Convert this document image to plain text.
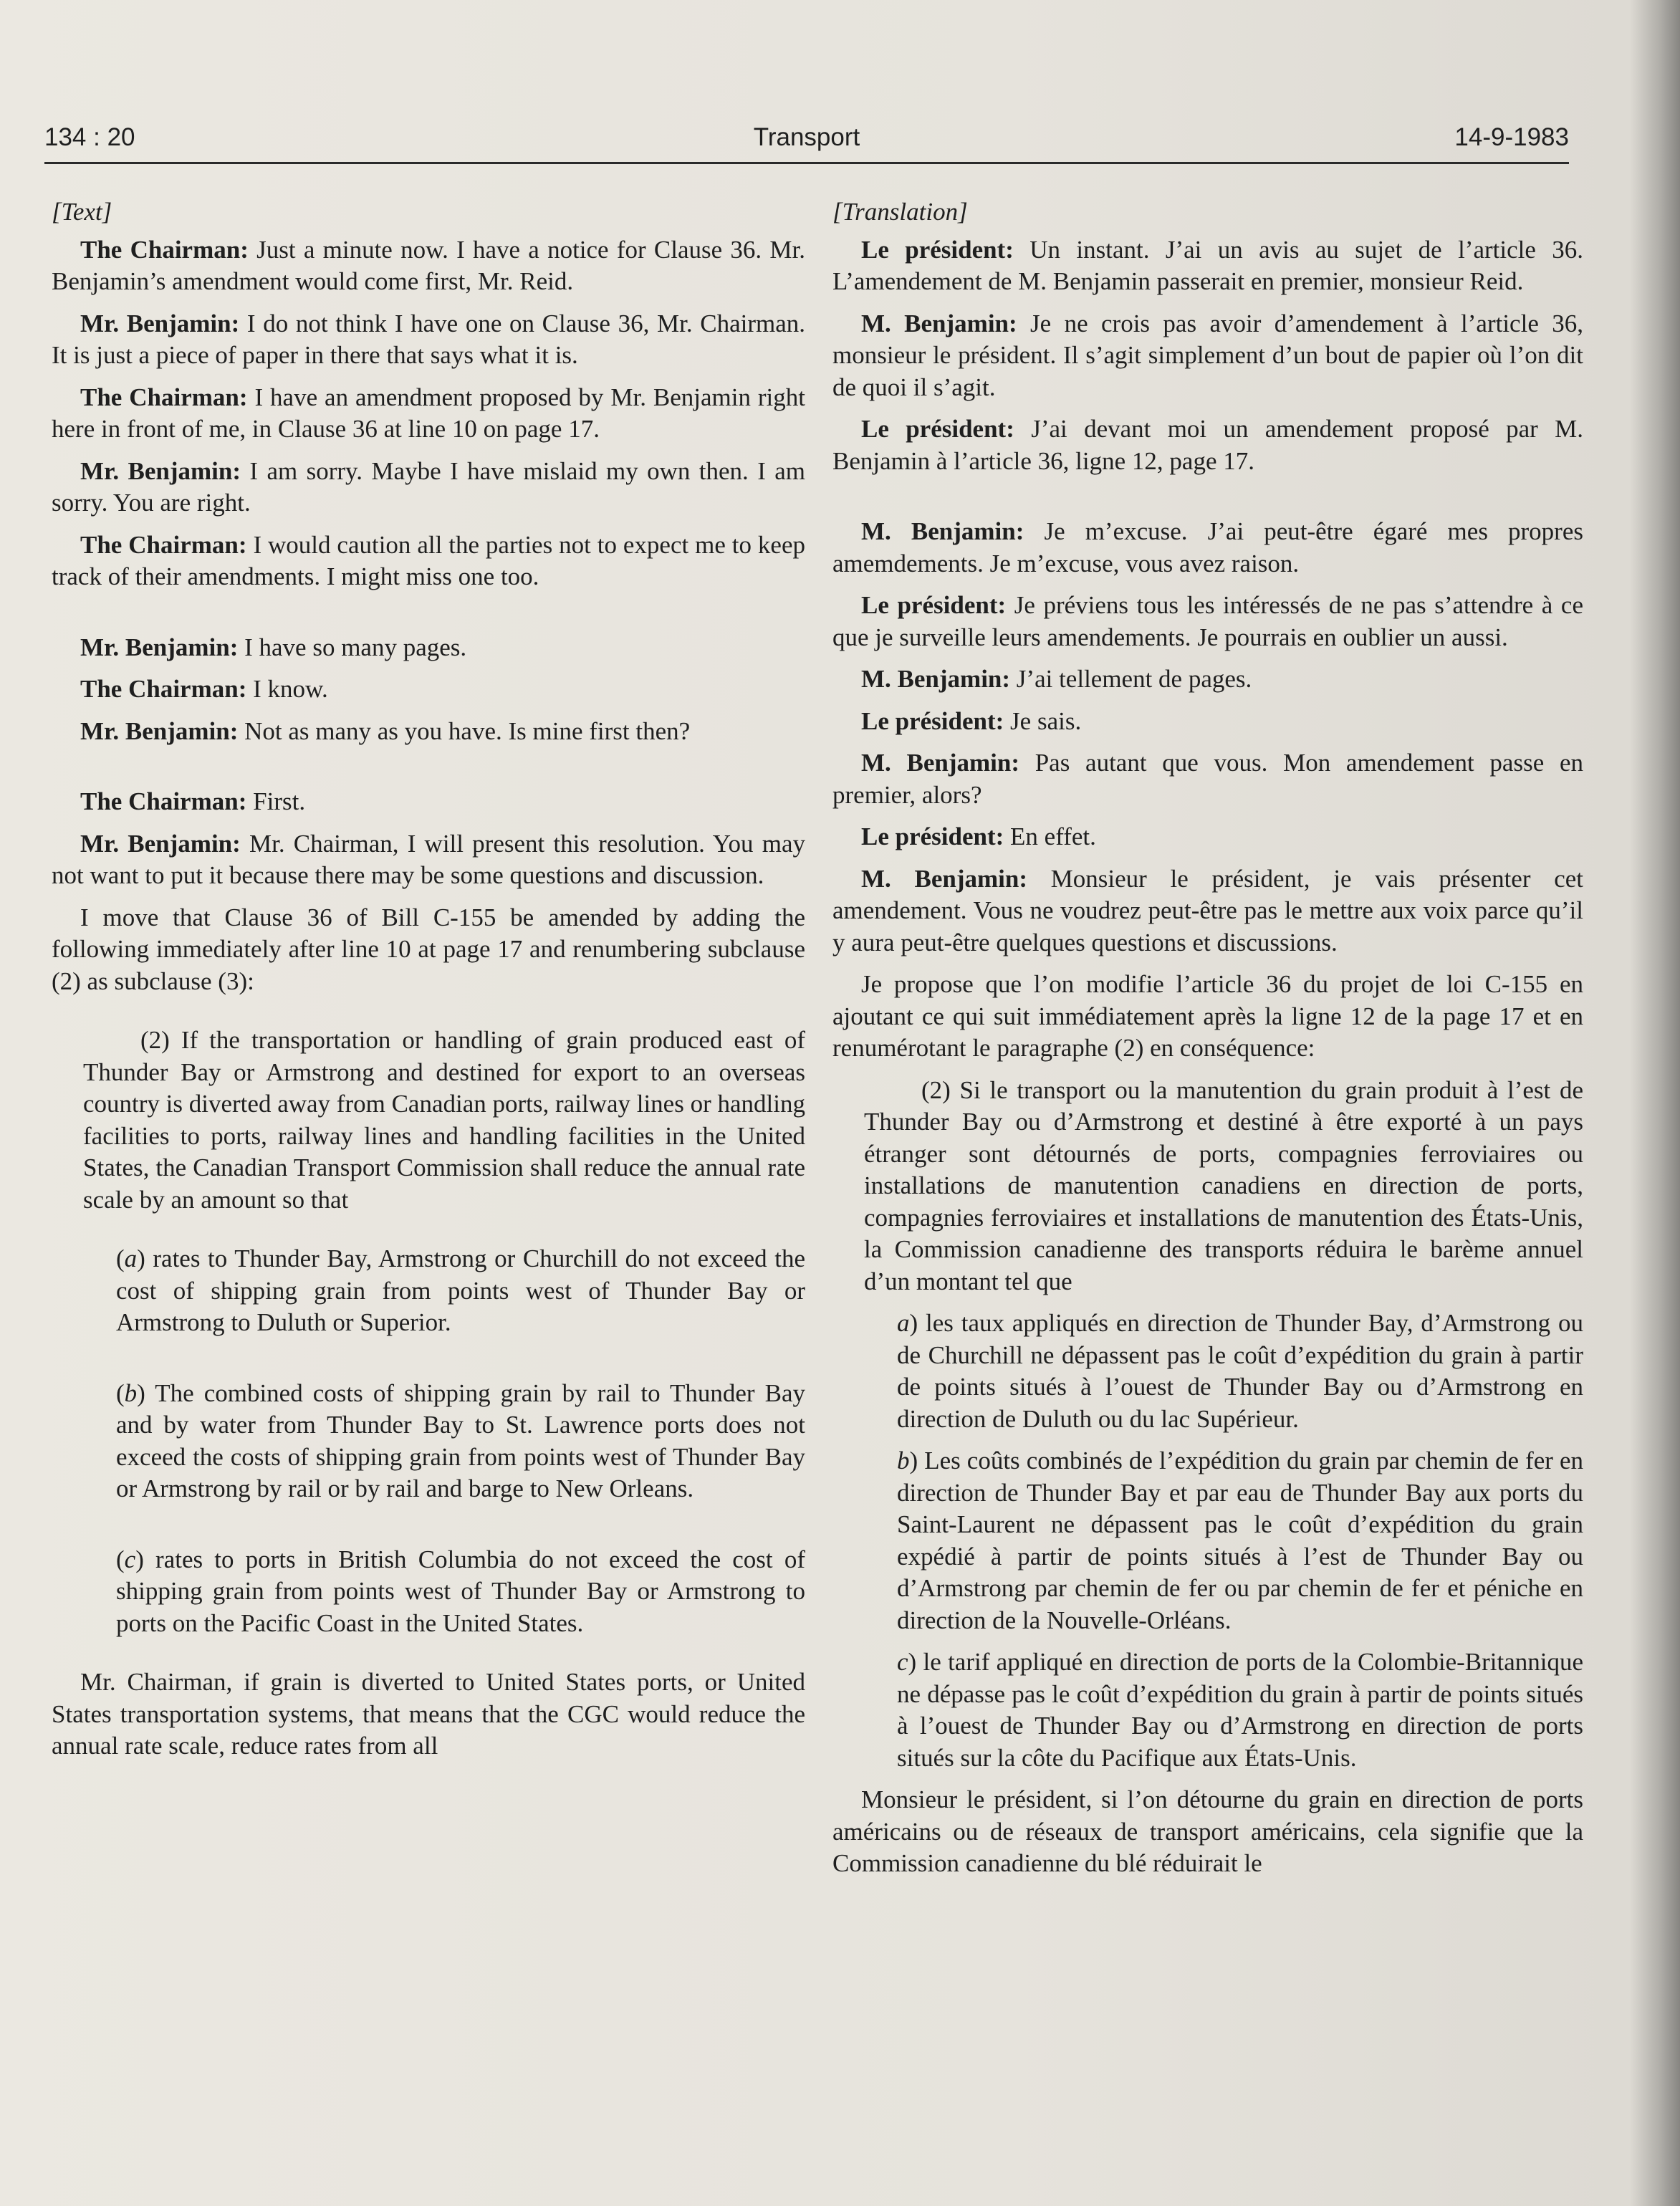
134 : 20	Transport	14-9-1983
[Text]

The Chairman: Just a minute now. I have a notice for Clause 36. Mr. Benjamin’s amendment would come first, Mr. Reid.

Mr. Benjamin: I do not think I have one on Clause 36, Mr. Chairman. It is just a piece of paper in there that says what it is.

The Chairman: I have an amendment proposed by Mr. Benjamin right here in front of me, in Clause 36 at line 10 on page 17.

Mr. Benjamin: I am sorry. Maybe I have mislaid my own then. I am sorry. You are right.

The Chairman: I would caution all the parties not to expect me to keep track of their amendments. I might miss one too.

Mr. Benjamin: I have so many pages.

The Chairman: I know.

Mr. Benjamin: Not as many as you have. Is mine first then?

The Chairman: First.

Mr. Benjamin: Mr. Chairman, I will present this resolution. You may not want to put it because there may be some questions and discussion.

I move that Clause 36 of Bill C-155 be amended by adding the following immediately after line 10 at page 17 and renumbering subclause (2) as subclause (3):

(2) If the transportation or handling of grain produced east of Thunder Bay or Armstrong and destined for export to an overseas country is diverted away from Canadian ports, railway lines or handling facilities to ports, railway lines and handling facilities in the United States, the Canadian Transport Commission shall reduce the annual rate scale by an amount so that

(a) rates to Thunder Bay, Armstrong or Churchill do not exceed the cost of shipping grain from points west of Thunder Bay or Armstrong to Duluth or Superior.

(b) The combined costs of shipping grain by rail to Thunder Bay and by water from Thunder Bay to St. Lawrence ports does not exceed the costs of shipping grain from points west of Thunder Bay or Armstrong by rail or by rail and barge to New Orleans.

(c) rates to ports in British Columbia do not exceed the cost of shipping grain from points west of Thunder Bay or Armstrong to ports on the Pacific Coast in the United States.

Mr. Chairman, if grain is diverted to United States ports, or United States transportation systems, that means that the CGC would reduce the annual rate scale, reduce rates from all

[Translation]

Le président: Un instant. J’ai un avis au sujet de l’article 36. L’amendement de M. Benjamin passerait en premier, monsieur Reid.

M. Benjamin: Je ne crois pas avoir d’amendement à l’article 36, monsieur le président. Il s’agit simplement d’un bout de papier où l’on dit de quoi il s’agit.

Le président: J’ai devant moi un amendement proposé par M. Benjamin à l’article 36, ligne 12, page 17.

M. Benjamin: Je m’excuse. J’ai peut-être égaré mes propres amemdements. Je m’excuse, vous avez raison.

Le président: Je préviens tous les intéressés de ne pas s’attendre à ce que je surveille leurs amendements. Je pourrais en oublier un aussi.

M. Benjamin: J’ai tellement de pages.

Le président: Je sais.

M. Benjamin: Pas autant que vous. Mon amendement passe en premier, alors?

Le président: En effet.

M. Benjamin: Monsieur le président, je vais présenter cet amendement. Vous ne voudrez peut-être pas le mettre aux voix parce qu’il y aura peut-être quelques questions et discussions.

Je propose que l’on modifie l’article 36 du projet de loi C-155 en ajoutant ce qui suit immédiatement après la ligne 12 de la page 17 et en renumérotant le paragraphe (2) en conséquence:

(2) Si le transport ou la manutention du grain produit à l’est de Thunder Bay ou d’Armstrong et destiné à être exporté à un pays étranger sont détournés de ports, compagnies ferroviaires ou installations de manutention canadiens en direction de ports, compagnies ferroviaires et installations de manutention des États-Unis, la Commission canadienne des transports réduira le barème annuel d’un montant tel que

a) les taux appliqués en direction de Thunder Bay, d’Armstrong ou de Churchill ne dépassent pas le coût d’expédition du grain à partir de points situés à l’ouest de Thunder Bay ou d’Armstrong en direction de Duluth ou du lac Supérieur.

b) Les coûts combinés de l’expédition du grain par chemin de fer en direction de Thunder Bay et par eau de Thunder Bay aux ports du Saint-Laurent ne dépassent pas le coût d’expédition du grain expédié à partir de points situés à l’est de Thunder Bay ou d’Armstrong par chemin de fer ou par chemin de fer et péniche en direction de la Nouvelle-Orléans.

c) le tarif appliqué en direction de ports de la Colombie-Britannique ne dépasse pas le coût d’expédition du grain à partir de points situés à l’ouest de Thunder Bay ou d’Armstrong en direction de ports situés sur la côte du Pacifique aux États-Unis.

Monsieur le président, si l’on détourne du grain en direction de ports américains ou de réseaux de transport américains, cela signifie que la Commission canadienne du blé réduirait le
